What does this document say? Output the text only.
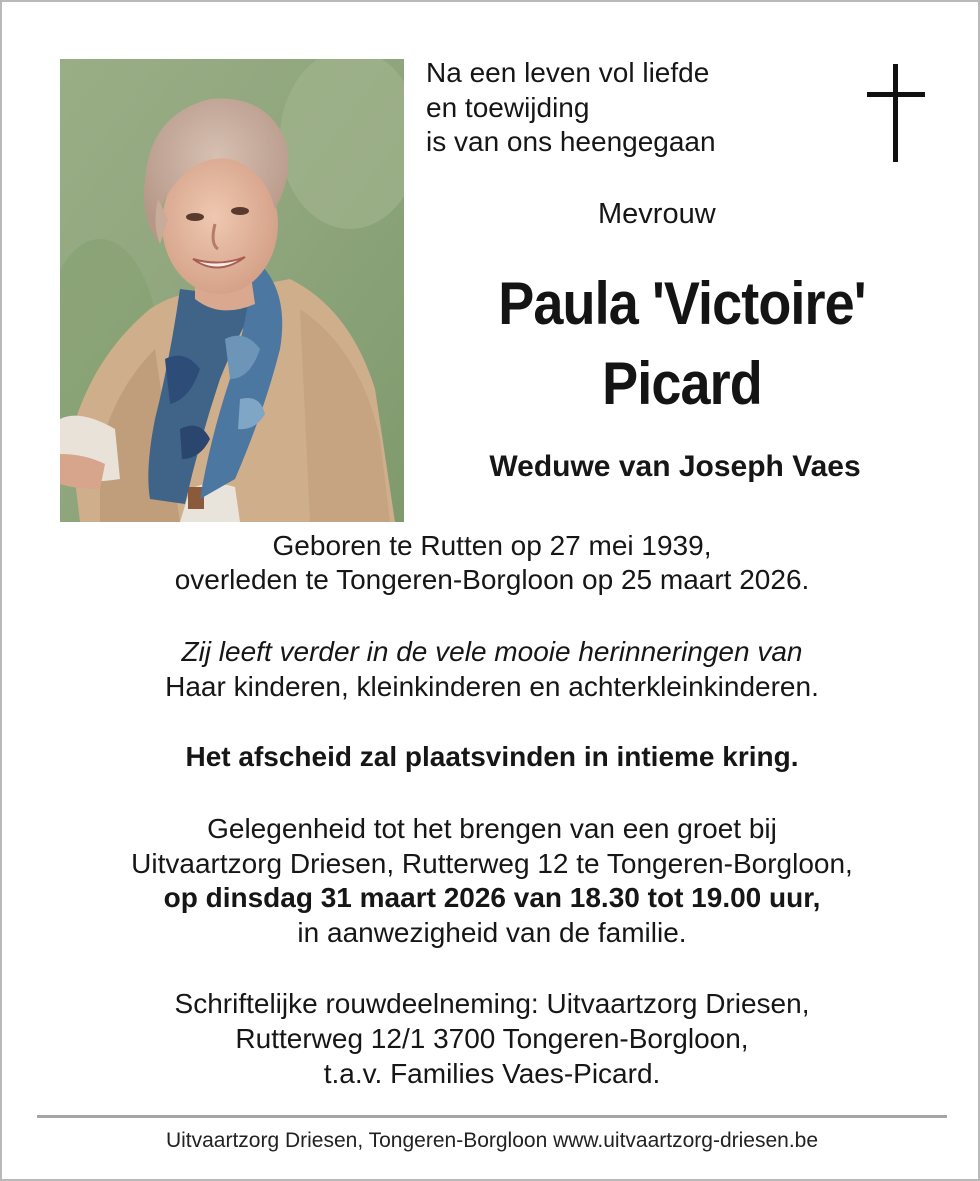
Na een leven vol liefde
en toewijding
is van ons heengegaan
Mevrouw
Paula 'Victoire'
Picard
Weduwe van Joseph Vaes
Geboren te Rutten op 27 mei 1939,
overleden te Tongeren-Borgloon op 25 maart 2026.
Zij leeft verder in de vele mooie herinneringen van
Haar kinderen, kleinkinderen en achterkleinkinderen.
Het afscheid zal plaatsvinden in intieme kring.
Gelegenheid tot het brengen van een groet bij
Uitvaartzorg Driesen, Rutterweg 12 te Tongeren-Borgloon,
op dinsdag 31 maart 2026 van 18.30 tot 19.00 uur,
in aanwezigheid van de familie.
Schriftelijke rouwdeelneming: Uitvaartzorg Driesen,
Rutterweg 12/1 3700 Tongeren-Borgloon,
t.a.v. Families Vaes-Picard.
Uitvaartzorg Driesen, Tongeren-Borgloon www.uitvaartzorg-driesen.be
